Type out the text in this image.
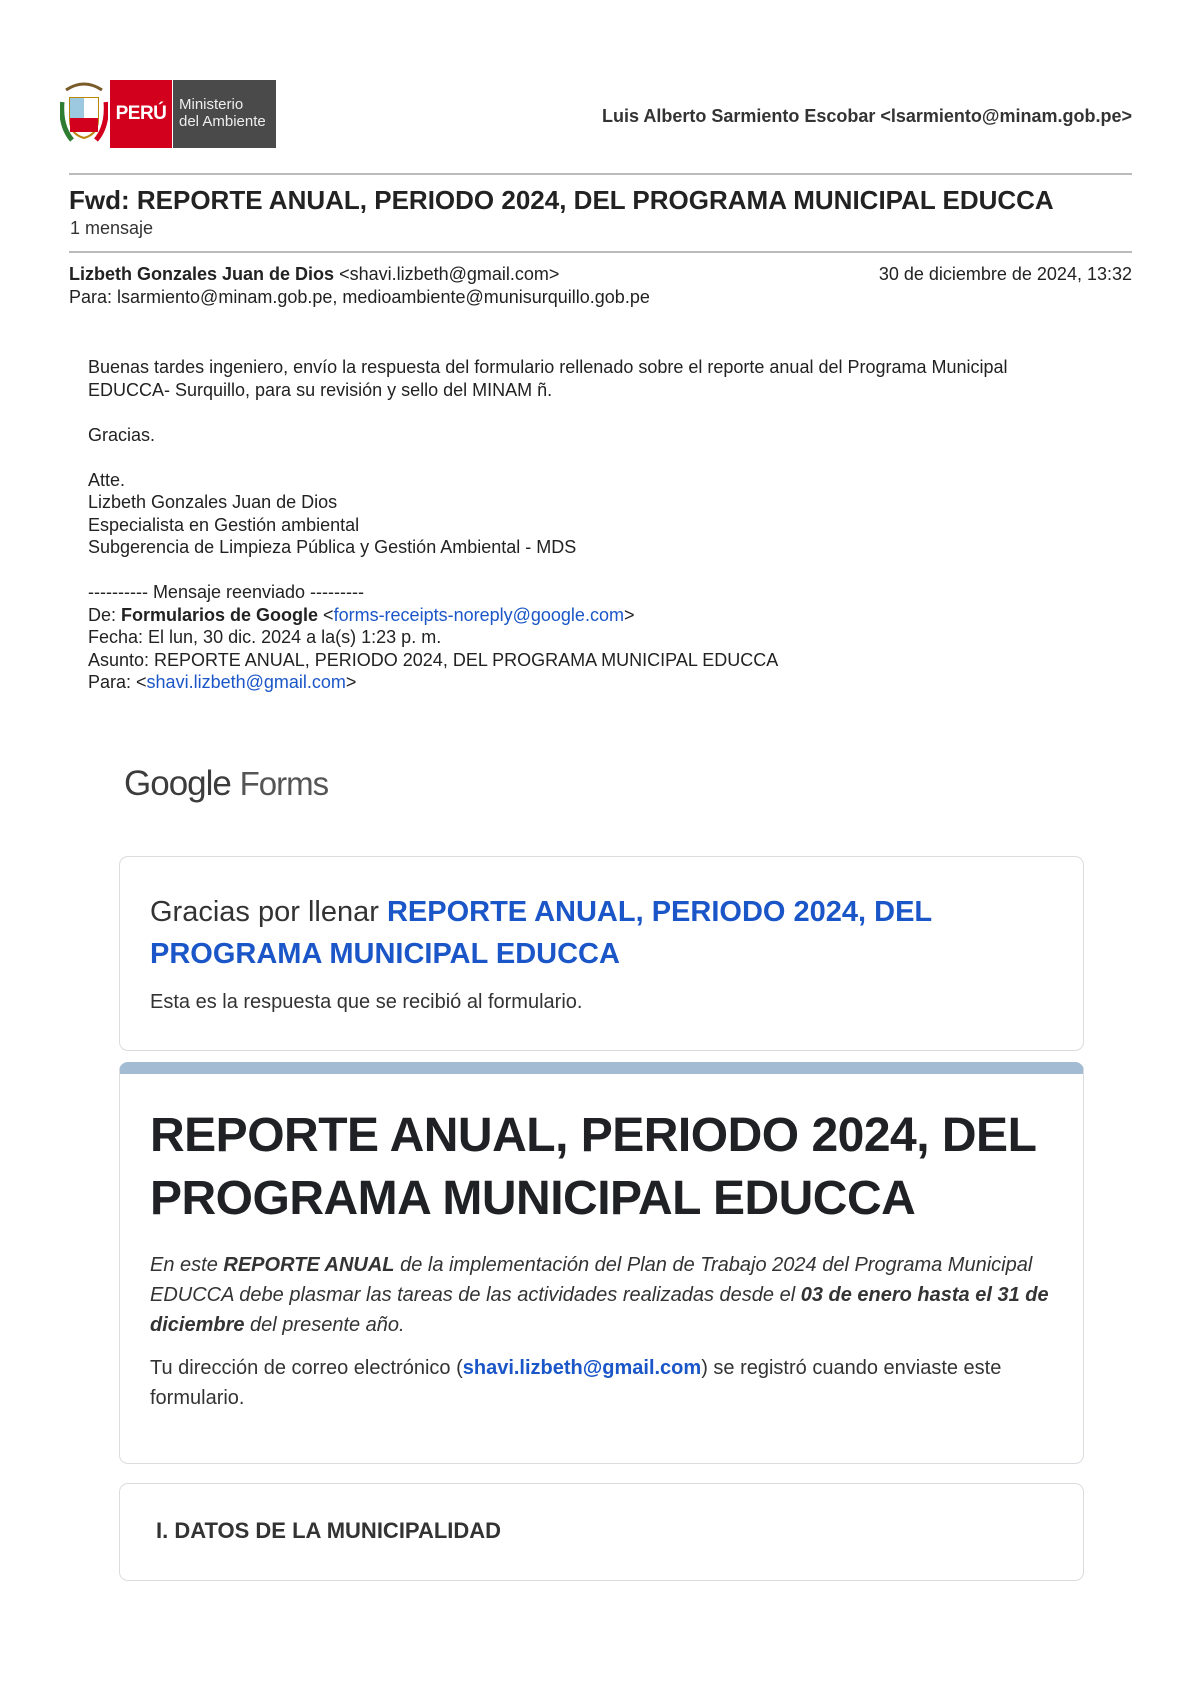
PERÚ Ministerio
del Ambiente	Luis Alberto Sarmiento Escobar <lsarmiento@minam.gob.pe>
Fwd: REPORTE ANUAL, PERIODO 2024, DEL PROGRAMA MUNICIPAL EDUCCA
1 mensaje
Lizbeth Gonzales Juan de Dios <shavi.lizbeth@gmail.com>	30 de diciembre de 2024, 13:32
Para: lsarmiento@minam.gob.pe, medioambiente@munisurquillo.gob.pe

Buenas tardes ingeniero, envío la respuesta del formulario rellenado sobre el reporte anual del Programa Municipal

EDUCCA- Surquillo, para su revisión y sello del MINAM ñ.

Gracias.

Atte.

Lizbeth Gonzales Juan de Dios

Especialista en Gestión ambiental

Subgerencia de Limpieza Pública y Gestión Ambiental - MDS

---------- Mensaje reenviado ---------

De: Formularios de Google <forms-receipts-noreply@google.com>

Fecha: El lun, 30 dic. 2024 a la(s) 1:23 p. m.

Asunto: REPORTE ANUAL, PERIODO 2024, DEL PROGRAMA MUNICIPAL EDUCCA

Para: <shavi.lizbeth@gmail.com>

Google Forms
Gracias por llenar REPORTE ANUAL, PERIODO 2024, DEL PROGRAMA MUNICIPAL EDUCCA
Esta es la respuesta que se recibió al formulario.
REPORTE ANUAL, PERIODO 2024, DEL PROGRAMA MUNICIPAL EDUCCA
En este REPORTE ANUAL de la implementación del Plan de Trabajo 2024 del Programa Municipal EDUCCA debe plasmar las tareas de las actividades realizadas desde el 03 de enero hasta el 31 de diciembre del presente año.
Tu dirección de correo electrónico (shavi.lizbeth@gmail.com) se registró cuando enviaste este formulario.
I. DATOS DE LA MUNICIPALIDAD
